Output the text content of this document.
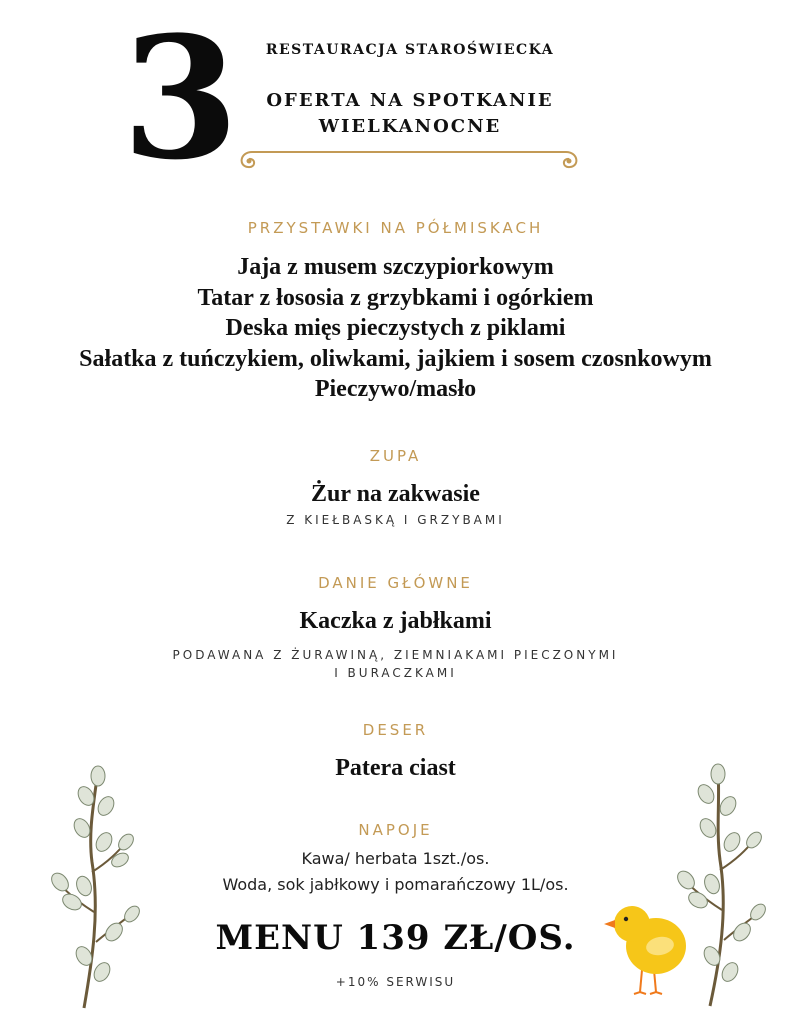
3	RESTAURACJA STAROŚWIECKA
OFERTA NA SPOTKANIE
WIELKANOCNE
PRZYSTAWKI NA PÓŁMISKACH
Jaja z musem szczypiorkowym
Tatar z łososia z grzybkami i ogórkiem
Deska mięs pieczystych z piklami
Sałatka z tuńczykiem, oliwkami, jajkiem i sosem czosnkowym
Pieczywo/masło
ZUPA
Żur na zakwasie
Z KIEŁBASKĄ I GRZYBAMI
DANIE GŁÓWNE
Kaczka z jabłkami
PODAWANA Z ŻURAWINĄ, ZIEMNIAKAMI PIECZONYMI
I BURACZKAMI
DESER
Patera ciast
NAPOJE
Kawa/ herbata 1szt./os.
Woda, sok jabłkowy i pomarańczowy 1L/os.
MENU 139 ZŁ/OS.
+10% SERWISU
